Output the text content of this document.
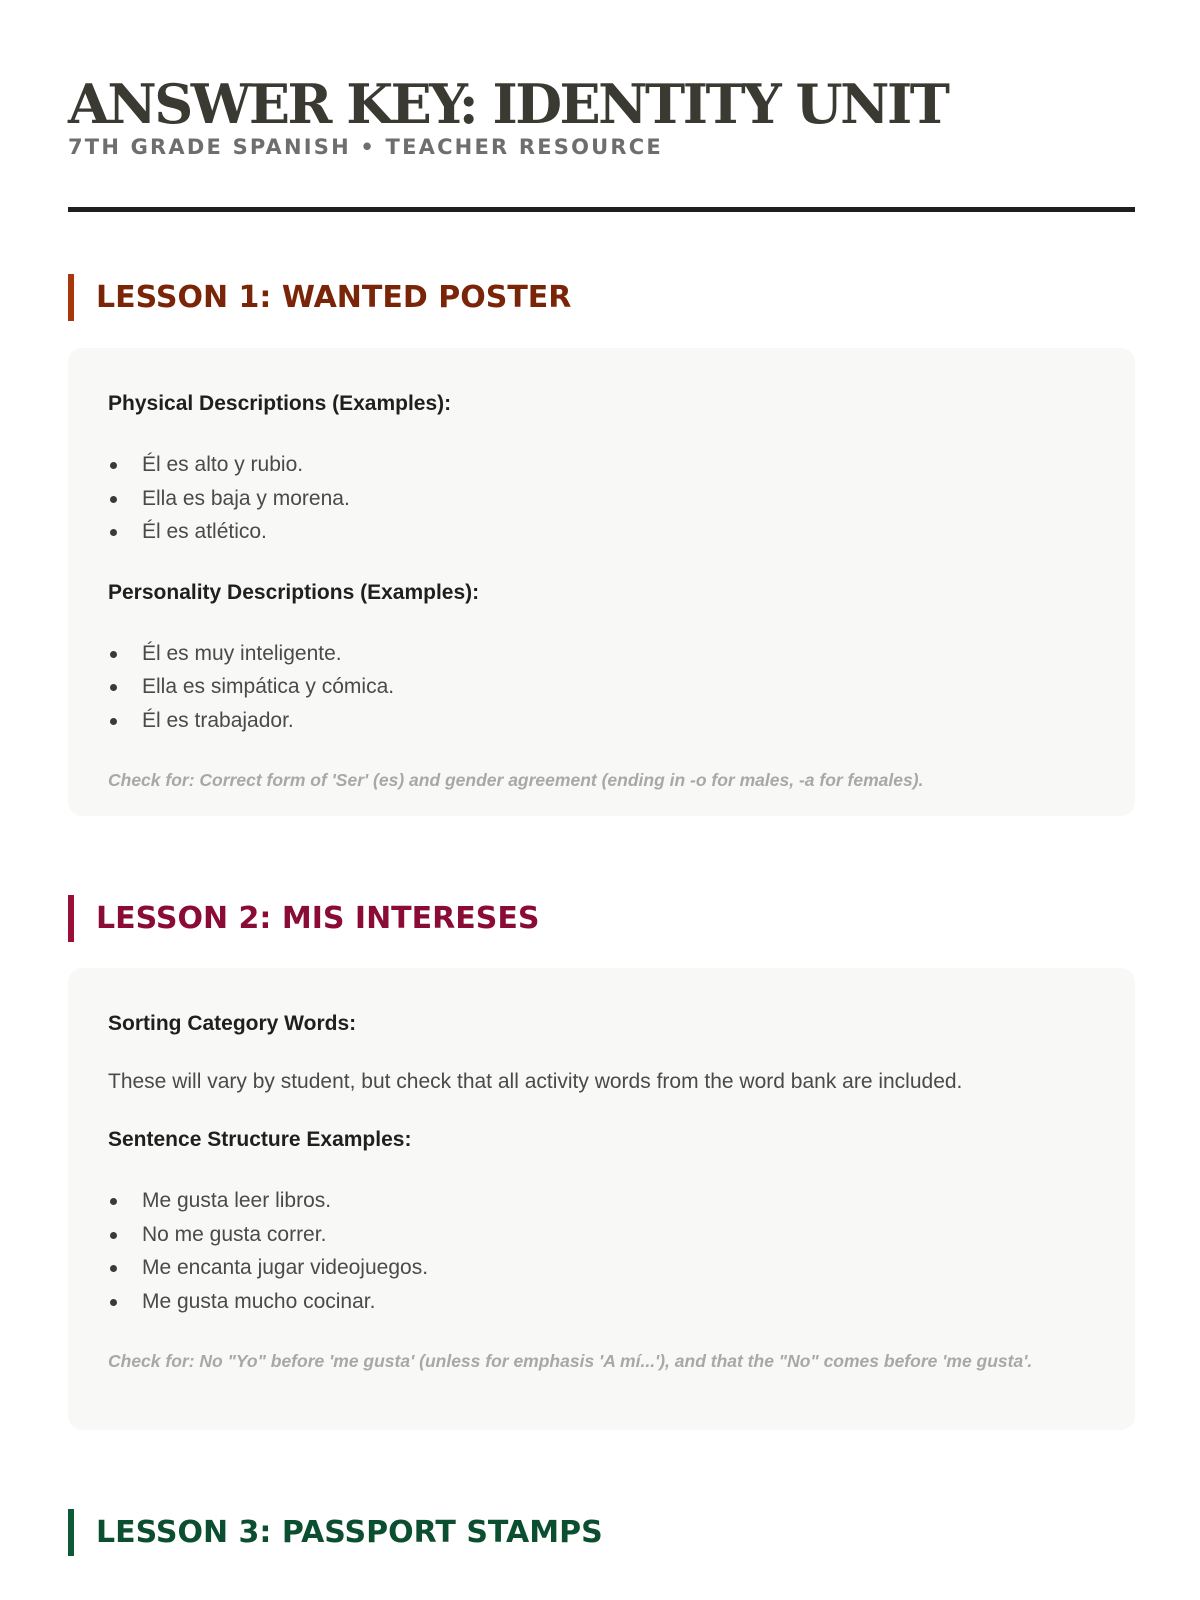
ANSWER KEY: IDENTITY UNIT
7TH GRADE SPANISH • TEACHER RESOURCE
LESSON 1: WANTED POSTER
Physical Descriptions (Examples):
Él es alto y rubio.
Ella es baja y morena.
Él es atlético.
Personality Descriptions (Examples):
Él es muy inteligente.
Ella es simpática y cómica.
Él es trabajador.

Check for: Correct form of 'Ser' (es) and gender agreement (ending in -o for males, -a for females).

LESSON 2: MIS INTERESES
Sorting Category Words:

These will vary by student, but check that all activity words from the word bank are included.

Sentence Structure Examples:
Me gusta leer libros.
No me gusta correr.
Me encanta jugar videojuegos.
Me gusta mucho cocinar.

Check for: No "Yo" before 'me gusta' (unless for emphasis 'A mí...'), and that the "No" comes before 'me gusta'.

LESSON 3: PASSPORT STAMPS
